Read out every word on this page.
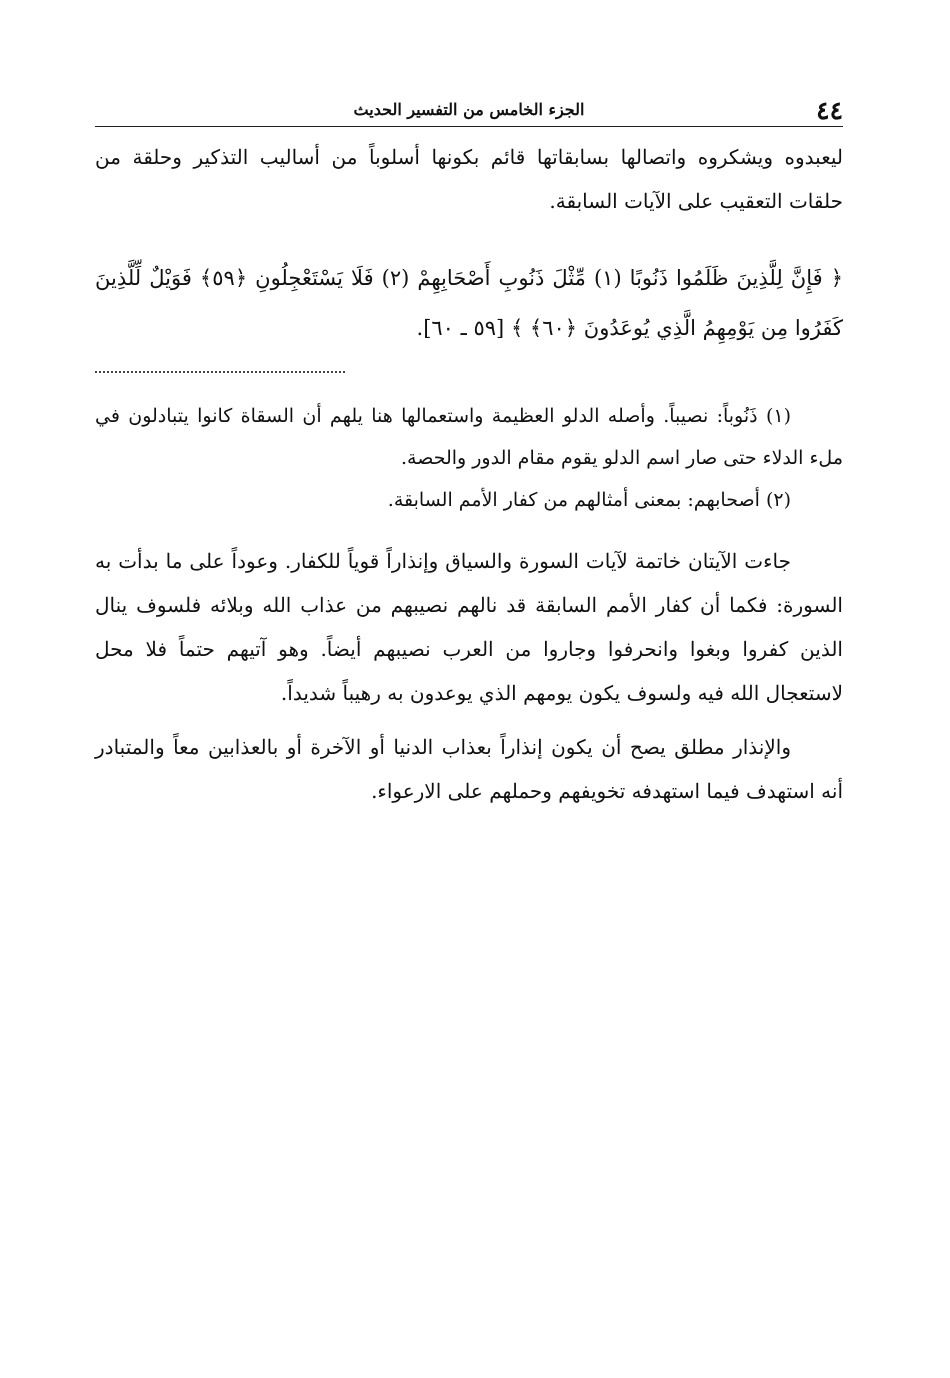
٤٤
الجزء الخامس من التفسير الحديث

ليعبدوه ويشكروه واتصالها بسابقاتها قائم بكونها أسلوباً من أساليب التذكير وحلقة من حلقات التعقيب على الآيات السابقة.

﴿ فَإِنَّ لِلَّذِينَ ظَلَمُوا ذَنُوبًا (١) مِّثْلَ ذَنُوبِ أَصْحَابِهِمْ (٢) فَلَا يَسْتَعْجِلُونِ ﴿٥٩﴾ فَوَيْلٌ لِّلَّذِينَ كَفَرُوا مِن يَوْمِهِمُ الَّذِي يُوعَدُونَ ﴿٦٠﴾ ﴾ [٥٩ ـ ٦٠].

(١) ذَنُوباً: نصيباً. وأصله الدلو العظيمة واستعمالها هنا يلهم أن السقاة كانوا يتبادلون في ملء الدلاء حتى صار اسم الدلو يقوم مقام الدور والحصة.

(٢) أصحابهم: بمعنى أمثالهم من كفار الأمم السابقة.

جاءت الآيتان خاتمة لآيات السورة والسياق وإنذاراً قوياً للكفار. وعوداً على ما بدأت به السورة: فكما أن كفار الأمم السابقة قد نالهم نصيبهم من عذاب الله وبلائه فلسوف ينال الذين كفروا وبغوا وانحرفوا وجاروا من العرب نصيبهم أيضاً. وهو آتيهم حتماً فلا محل لاستعجال الله فيه ولسوف يكون يومهم الذي يوعدون به رهيباً شديداً.

والإنذار مطلق يصح أن يكون إنذاراً بعذاب الدنيا أو الآخرة أو بالعذابين معاً والمتبادر أنه استهدف فيما استهدفه تخويفهم وحملهم على الارعواء.
